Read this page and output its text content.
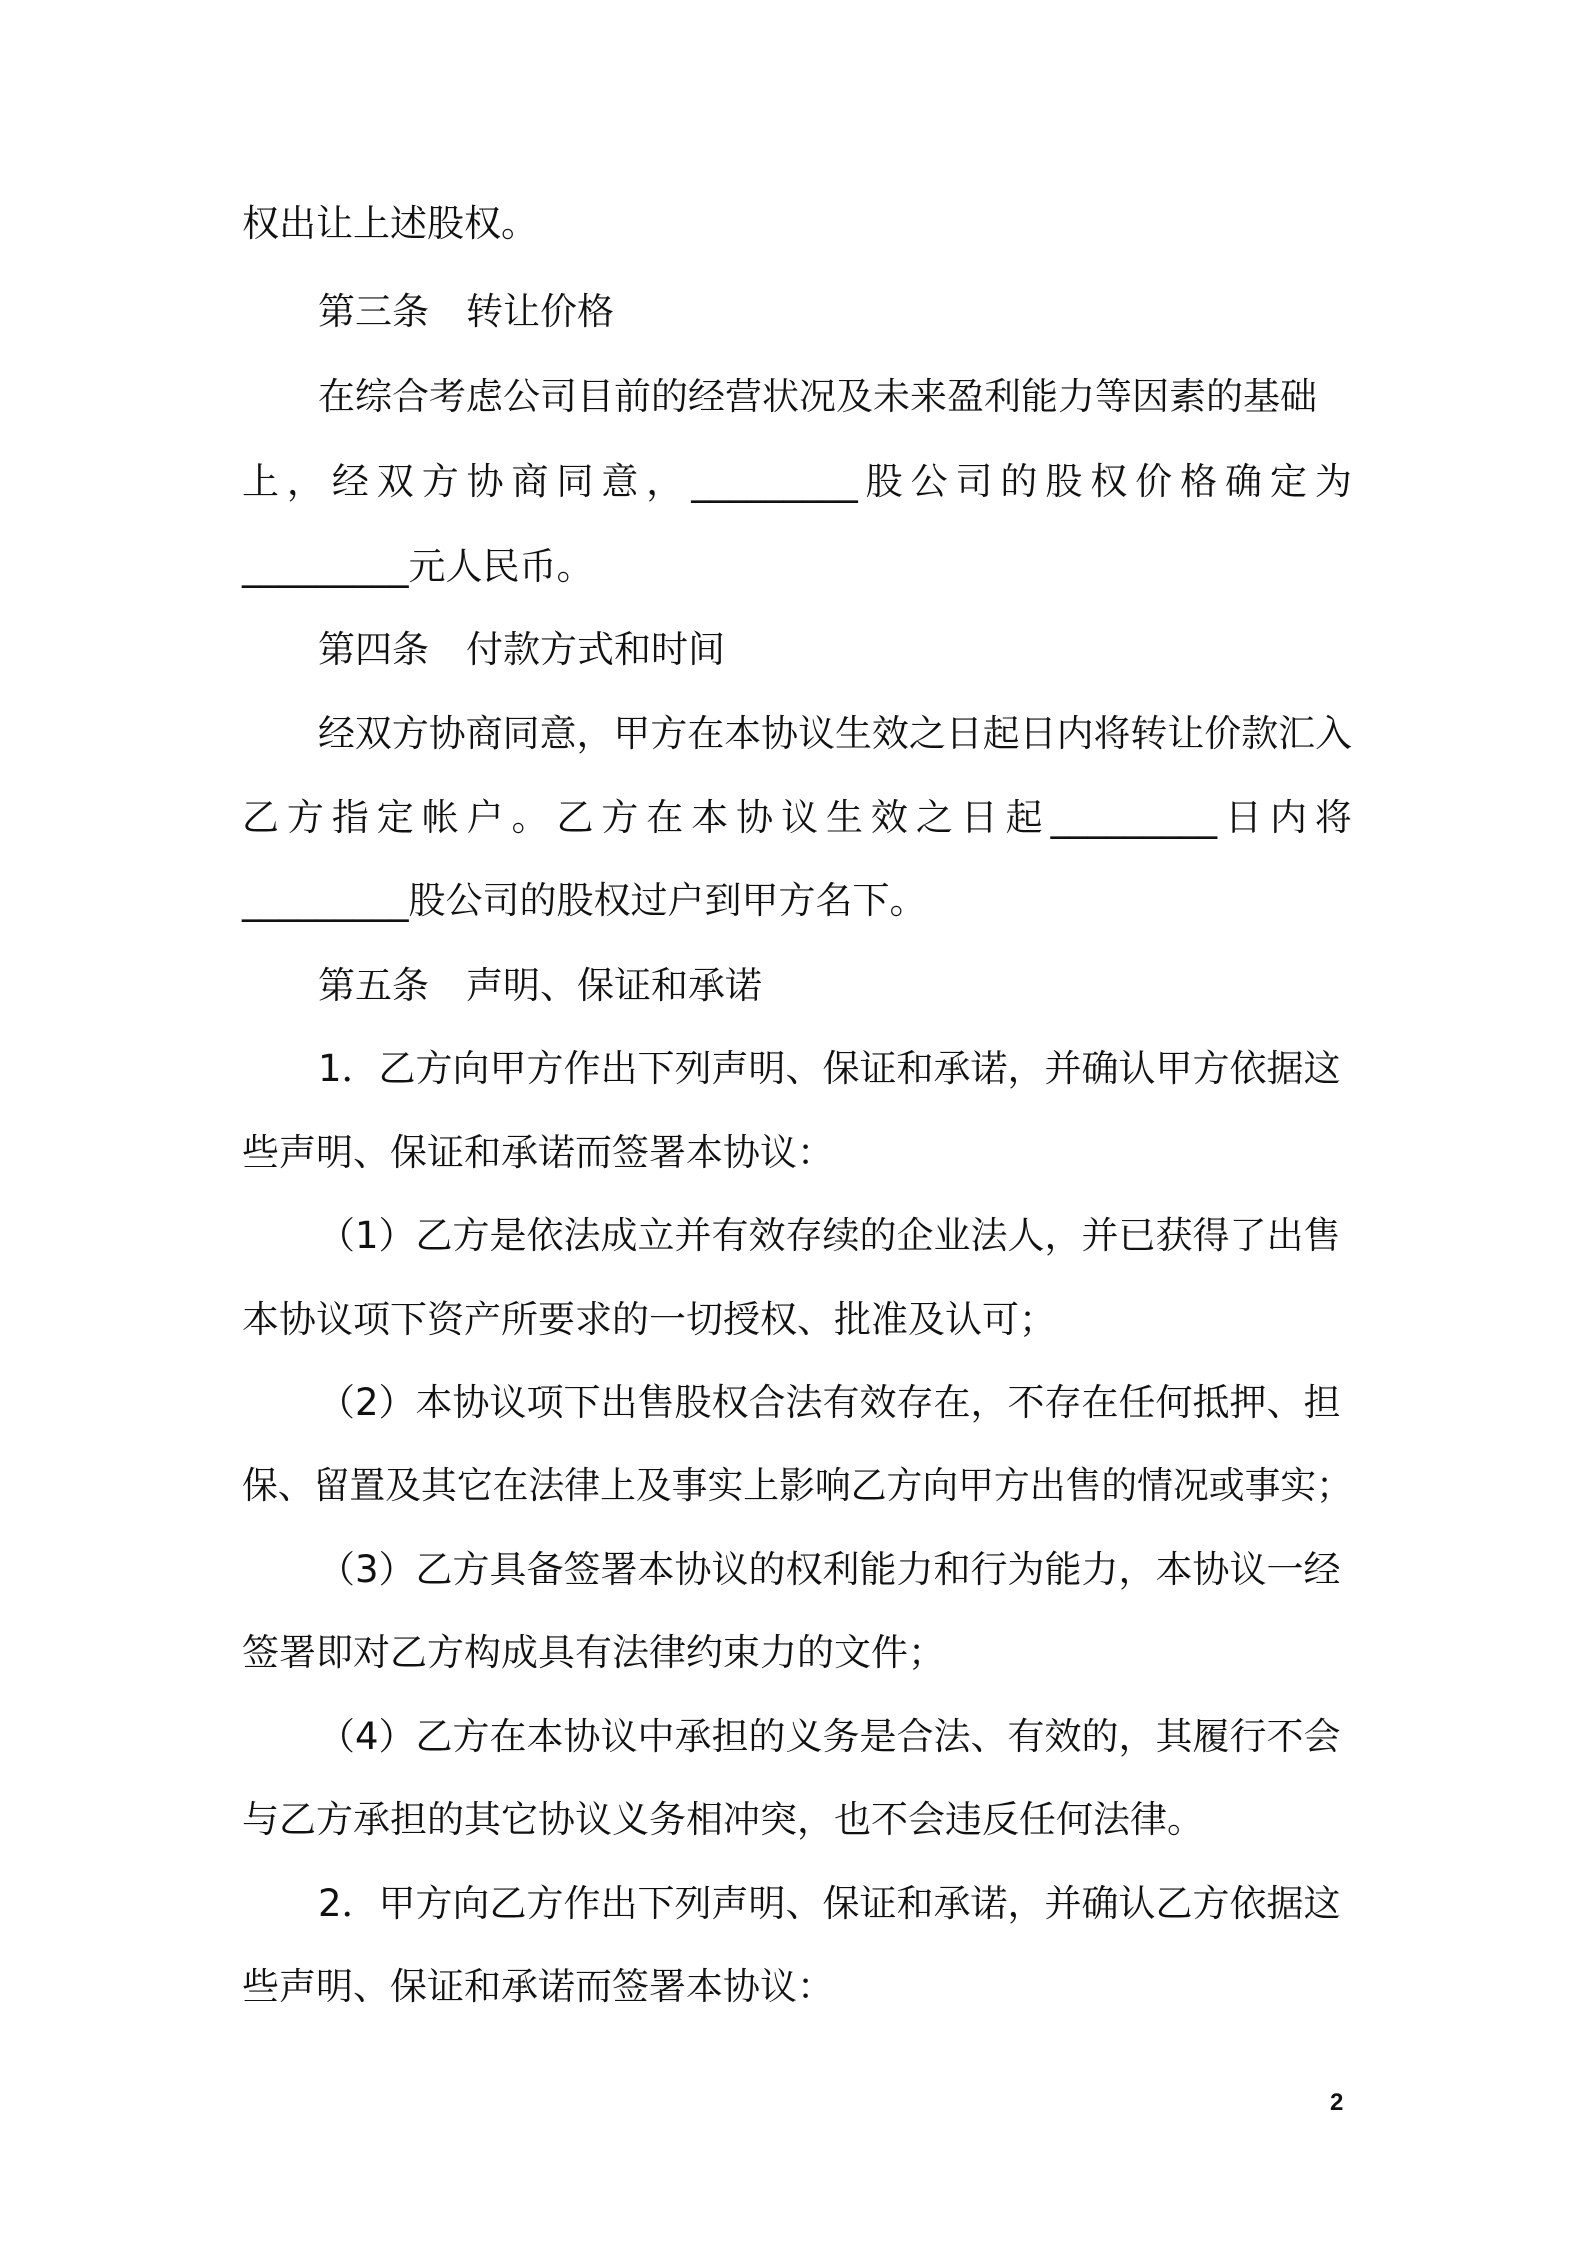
权出让上述股权。
第三条　转让价格
在综合考虑公司目前的经营状况及未来盈利能力等因素的基础
上 ， 经 双 方 协 商 同 意 ， _________ 股 公 司 的 股 权 价 格 确 定 为
_________元人民币。
第四条　付款方式和时间
经双方协商同意，甲方在本协议生效之日起日内将转让价款汇入
乙 方 指 定 帐 户 。 乙 方 在 本 协 议 生 效 之 日 起 _________ 日 内 将
_________股公司的股权过户到甲方名下。
第五条　声明、保证和承诺
1．乙方向甲方作出下列声明、保证和承诺，并确认甲方依据这
些声明、保证和承诺而签署本协议：
（1）乙方是依法成立并有效存续的企业法人，并已获得了出售
本协议项下资产所要求的一切授权、批准及认可；
（2）本协议项下出售股权合法有效存在，不存在任何抵押、担
保、留置及其它在法律上及事实上影响乙方向甲方出售的情况或事实；
（3）乙方具备签署本协议的权利能力和行为能力，本协议一经
签署即对乙方构成具有法律约束力的文件；
（4）乙方在本协议中承担的义务是合法、有效的，其履行不会
与乙方承担的其它协议义务相冲突，也不会违反任何法律。
2．甲方向乙方作出下列声明、保证和承诺，并确认乙方依据这
些声明、保证和承诺而签署本协议：
2
